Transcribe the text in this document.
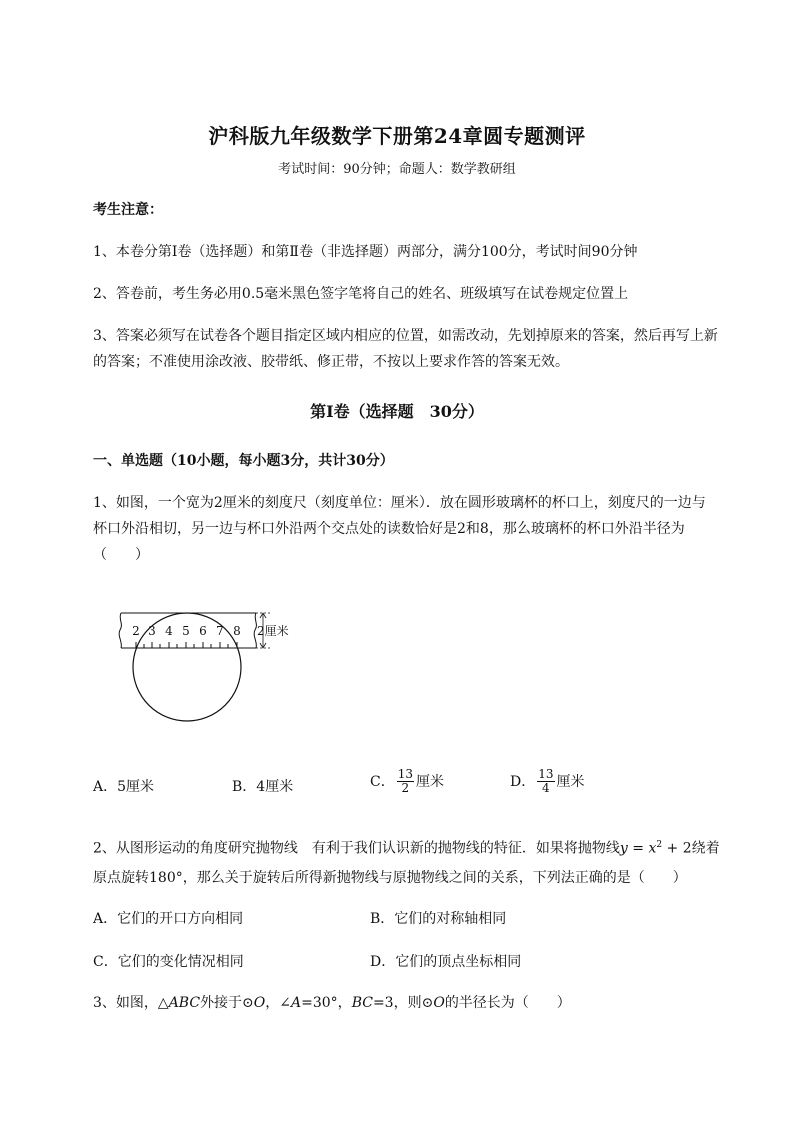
沪科版九年级数学下册第24章圆专题测评
考试时间：90分钟；命题人：数学教研组
考生注意：
1、本卷分第I卷（选择题）和第Ⅱ卷（非选择题）两部分，满分100分，考试时间90分钟
2、答卷前，考生务必用0.5毫米黑色签字笔将自己的姓名、班级填写在试卷规定位置上
3、答案必须写在试卷各个题目指定区域内相应的位置，如需改动，先划掉原来的答案，然后再写上新
的答案；不准使用涂改液、胶带纸、修正带，不按以上要求作答的答案无效。
第I卷（选择题　30分）
一、单选题（10小题，每小题3分，共计30分）
1、如图，一个宽为2厘米的刻度尺（刻度单位：厘米）．放在圆形玻璃杯的杯口上，刻度尺的一边与
杯口外沿相切，另一边与杯口外沿两个交点处的读数恰好是2和8，那么玻璃杯的杯口外沿半径为
（　　）
2 3 4 5 6 7 8 2厘米
A．5厘米	B．4厘米	C． $\frac{13}{2}$ 厘米	D． $\frac{13}{4}$ 厘米
2、从图形运动的角度研究抛物线　有利于我们认识新的抛物线的特征．如果将抛物线$y = x^2 + 2$绕着
原点旋转180°，那么关于旋转后所得新抛物线与原抛物线之间的关系，下列法正确的是（　　）
A．它们的开口方向相同	B．它们的对称轴相同
C．它们的变化情况相同	D．它们的顶点坐标相同
3、如图，△ABC外接于⊙O，∠A=30°，BC=3，则⊙O的半径长为（　　）
